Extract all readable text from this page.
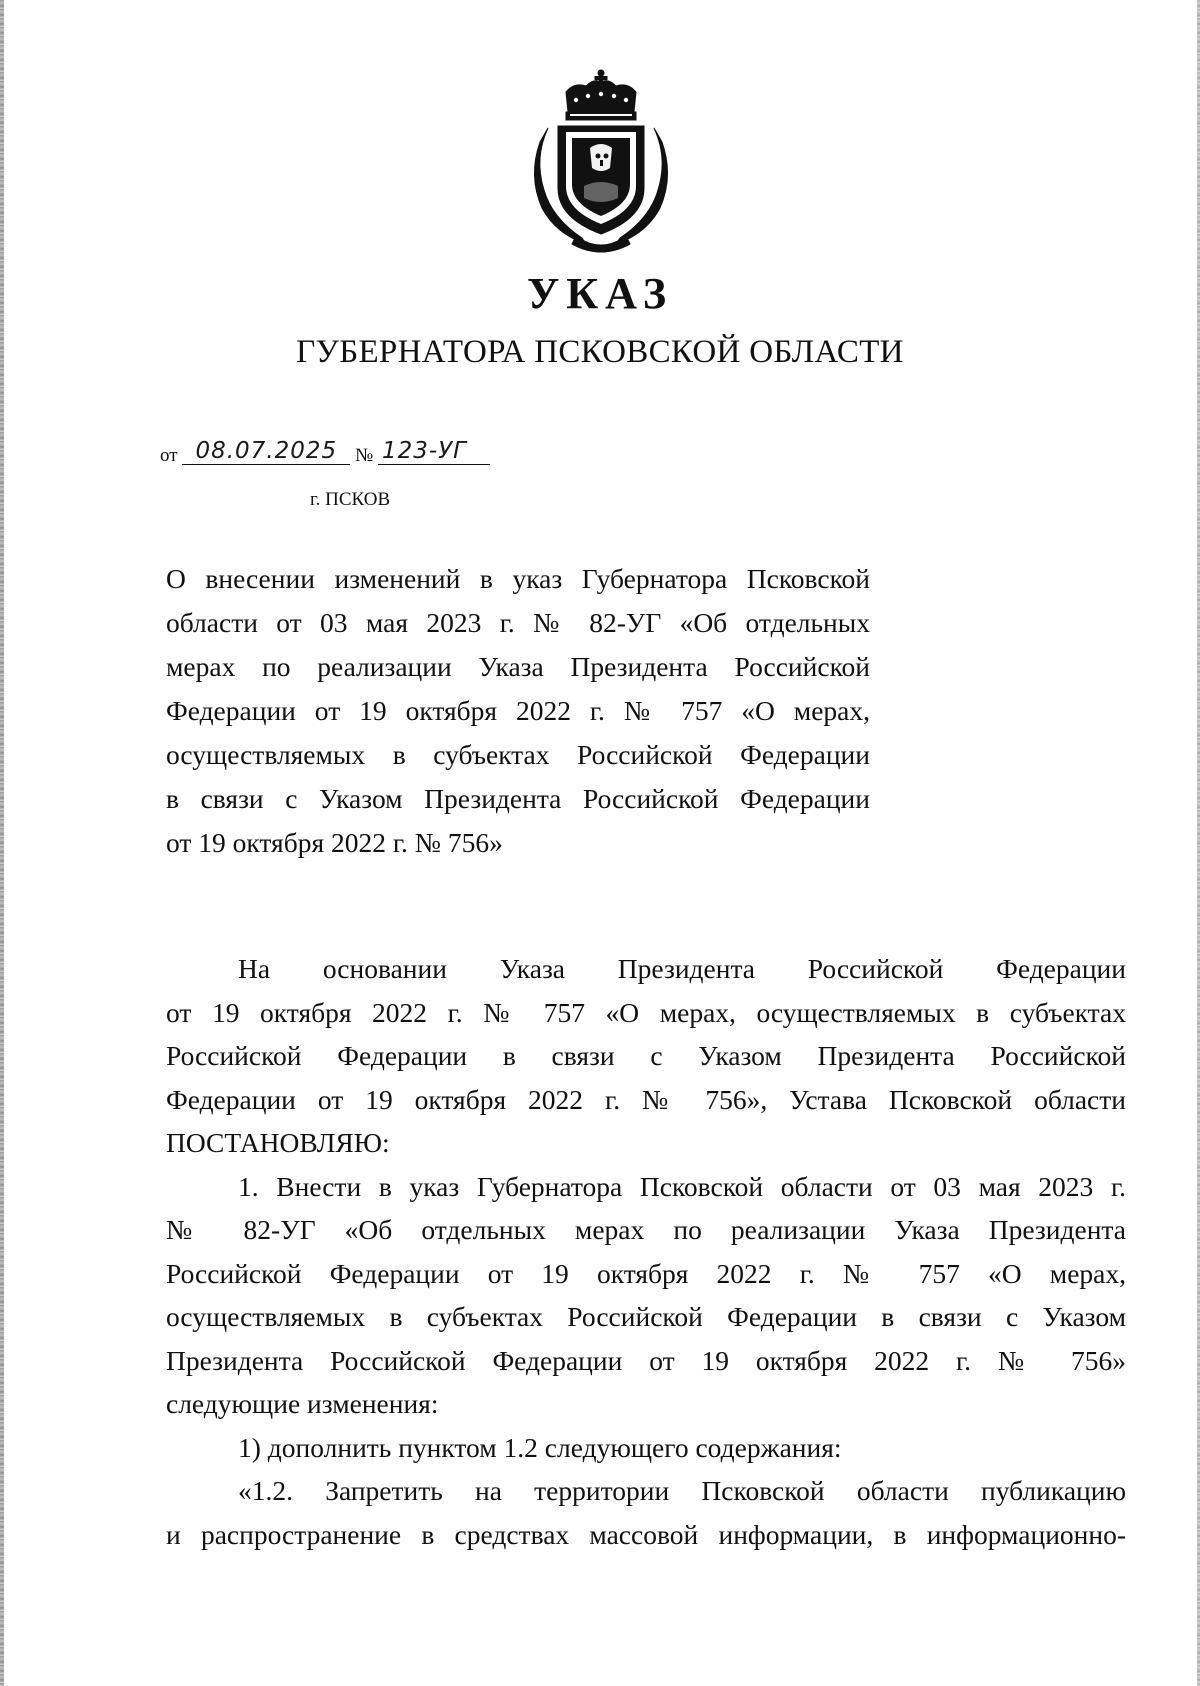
УКАЗ
ГУБЕРНАТОРА ПСКОВСКОЙ ОБЛАСТИ
от 08.07.2025 № 123-УГ
г. ПСКОВ
О внесении изменений в указ Губернатора Псковской
области от 03 мая 2023 г. № 82-УГ «Об отдельных
мерах по реализации Указа Президента Российской
Федерации от 19 октября 2022 г. № 757 «О мерах,
осуществляемых в субъектах Российской Федерации
в связи с Указом Президента Российской Федерации
от 19 октября 2022 г. № 756»
На основании Указа Президента Российской Федерации
от 19 октября 2022 г. № 757 «О мерах, осуществляемых в субъектах
Российской Федерации в связи с Указом Президента Российской
Федерации от 19 октября 2022 г. № 756», Устава Псковской области
ПОСТАНОВЛЯЮ:
1. Внести в указ Губернатора Псковской области от 03 мая 2023 г.
№ 82-УГ «Об отдельных мерах по реализации Указа Президента
Российской Федерации от 19 октября 2022 г. № 757 «О мерах,
осуществляемых в субъектах Российской Федерации в связи с Указом
Президента Российской Федерации от 19 октября 2022 г. № 756»
следующие изменения:
1) дополнить пунктом 1.2 следующего содержания:
«1.2. Запретить на территории Псковской области публикацию
и распространение в средствах массовой информации, в информационно-
